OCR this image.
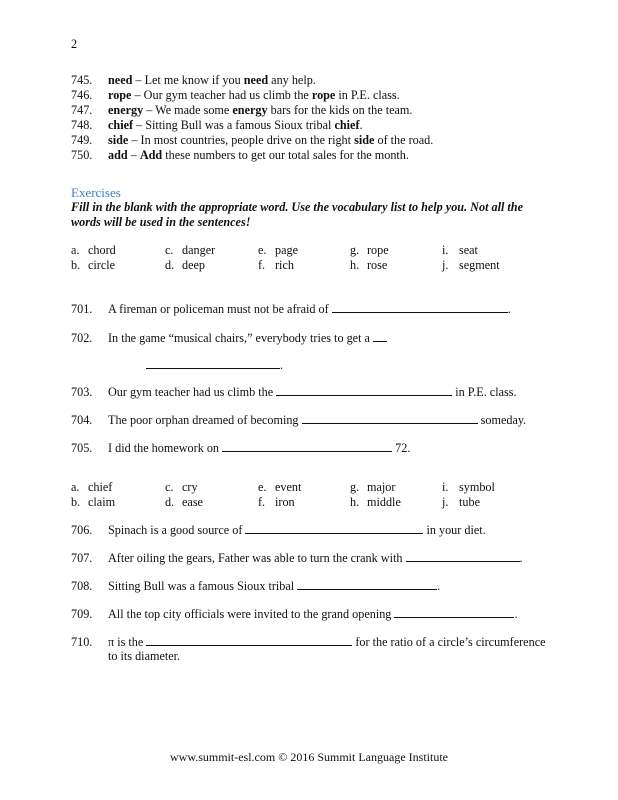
2
745. need – Let me know if you need any help.
746. rope – Our gym teacher had us climb the rope in P.E. class.
747. energy – We made some energy bars for the kids on the team.
748. chief – Sitting Bull was a famous Sioux tribal chief.
749. side – In most countries, people drive on the right side of the road.
750. add – Add these numbers to get our total sales for the month.
Exercises
Fill in the blank with the appropriate word. Use the vocabulary list to help you. Not all the words will be used in the sentences!
a. chord	c. danger	e. page	g. rope	i. seat
b. circle	d. deep	f. rich	h. rose	j. segment
701. A fireman or policeman must not be afraid of	.
702. In the game “musical chairs,” everybody tries to get a
703. Our gym teacher had us climb the	in P.E. class.
704. The poor orphan dreamed of becoming	someday.
705. I did the homework on	72.
.
a. chief	c. cry	e. event	g. major	i. symbol
b. claim	d. ease	f. iron	h. middle	j. tube
706. Spinach is a good source of	in your diet.
707. After oiling the gears, Father was able to turn the crank with	.
708. Sitting Bull was a famous Sioux tribal	.
709. All the top city officials were invited to the grand opening	.
710. π is the	for the ratio of a circle’s circumference
to its diameter.
www.summit-esl.com © 2016 Summit Language Institute
